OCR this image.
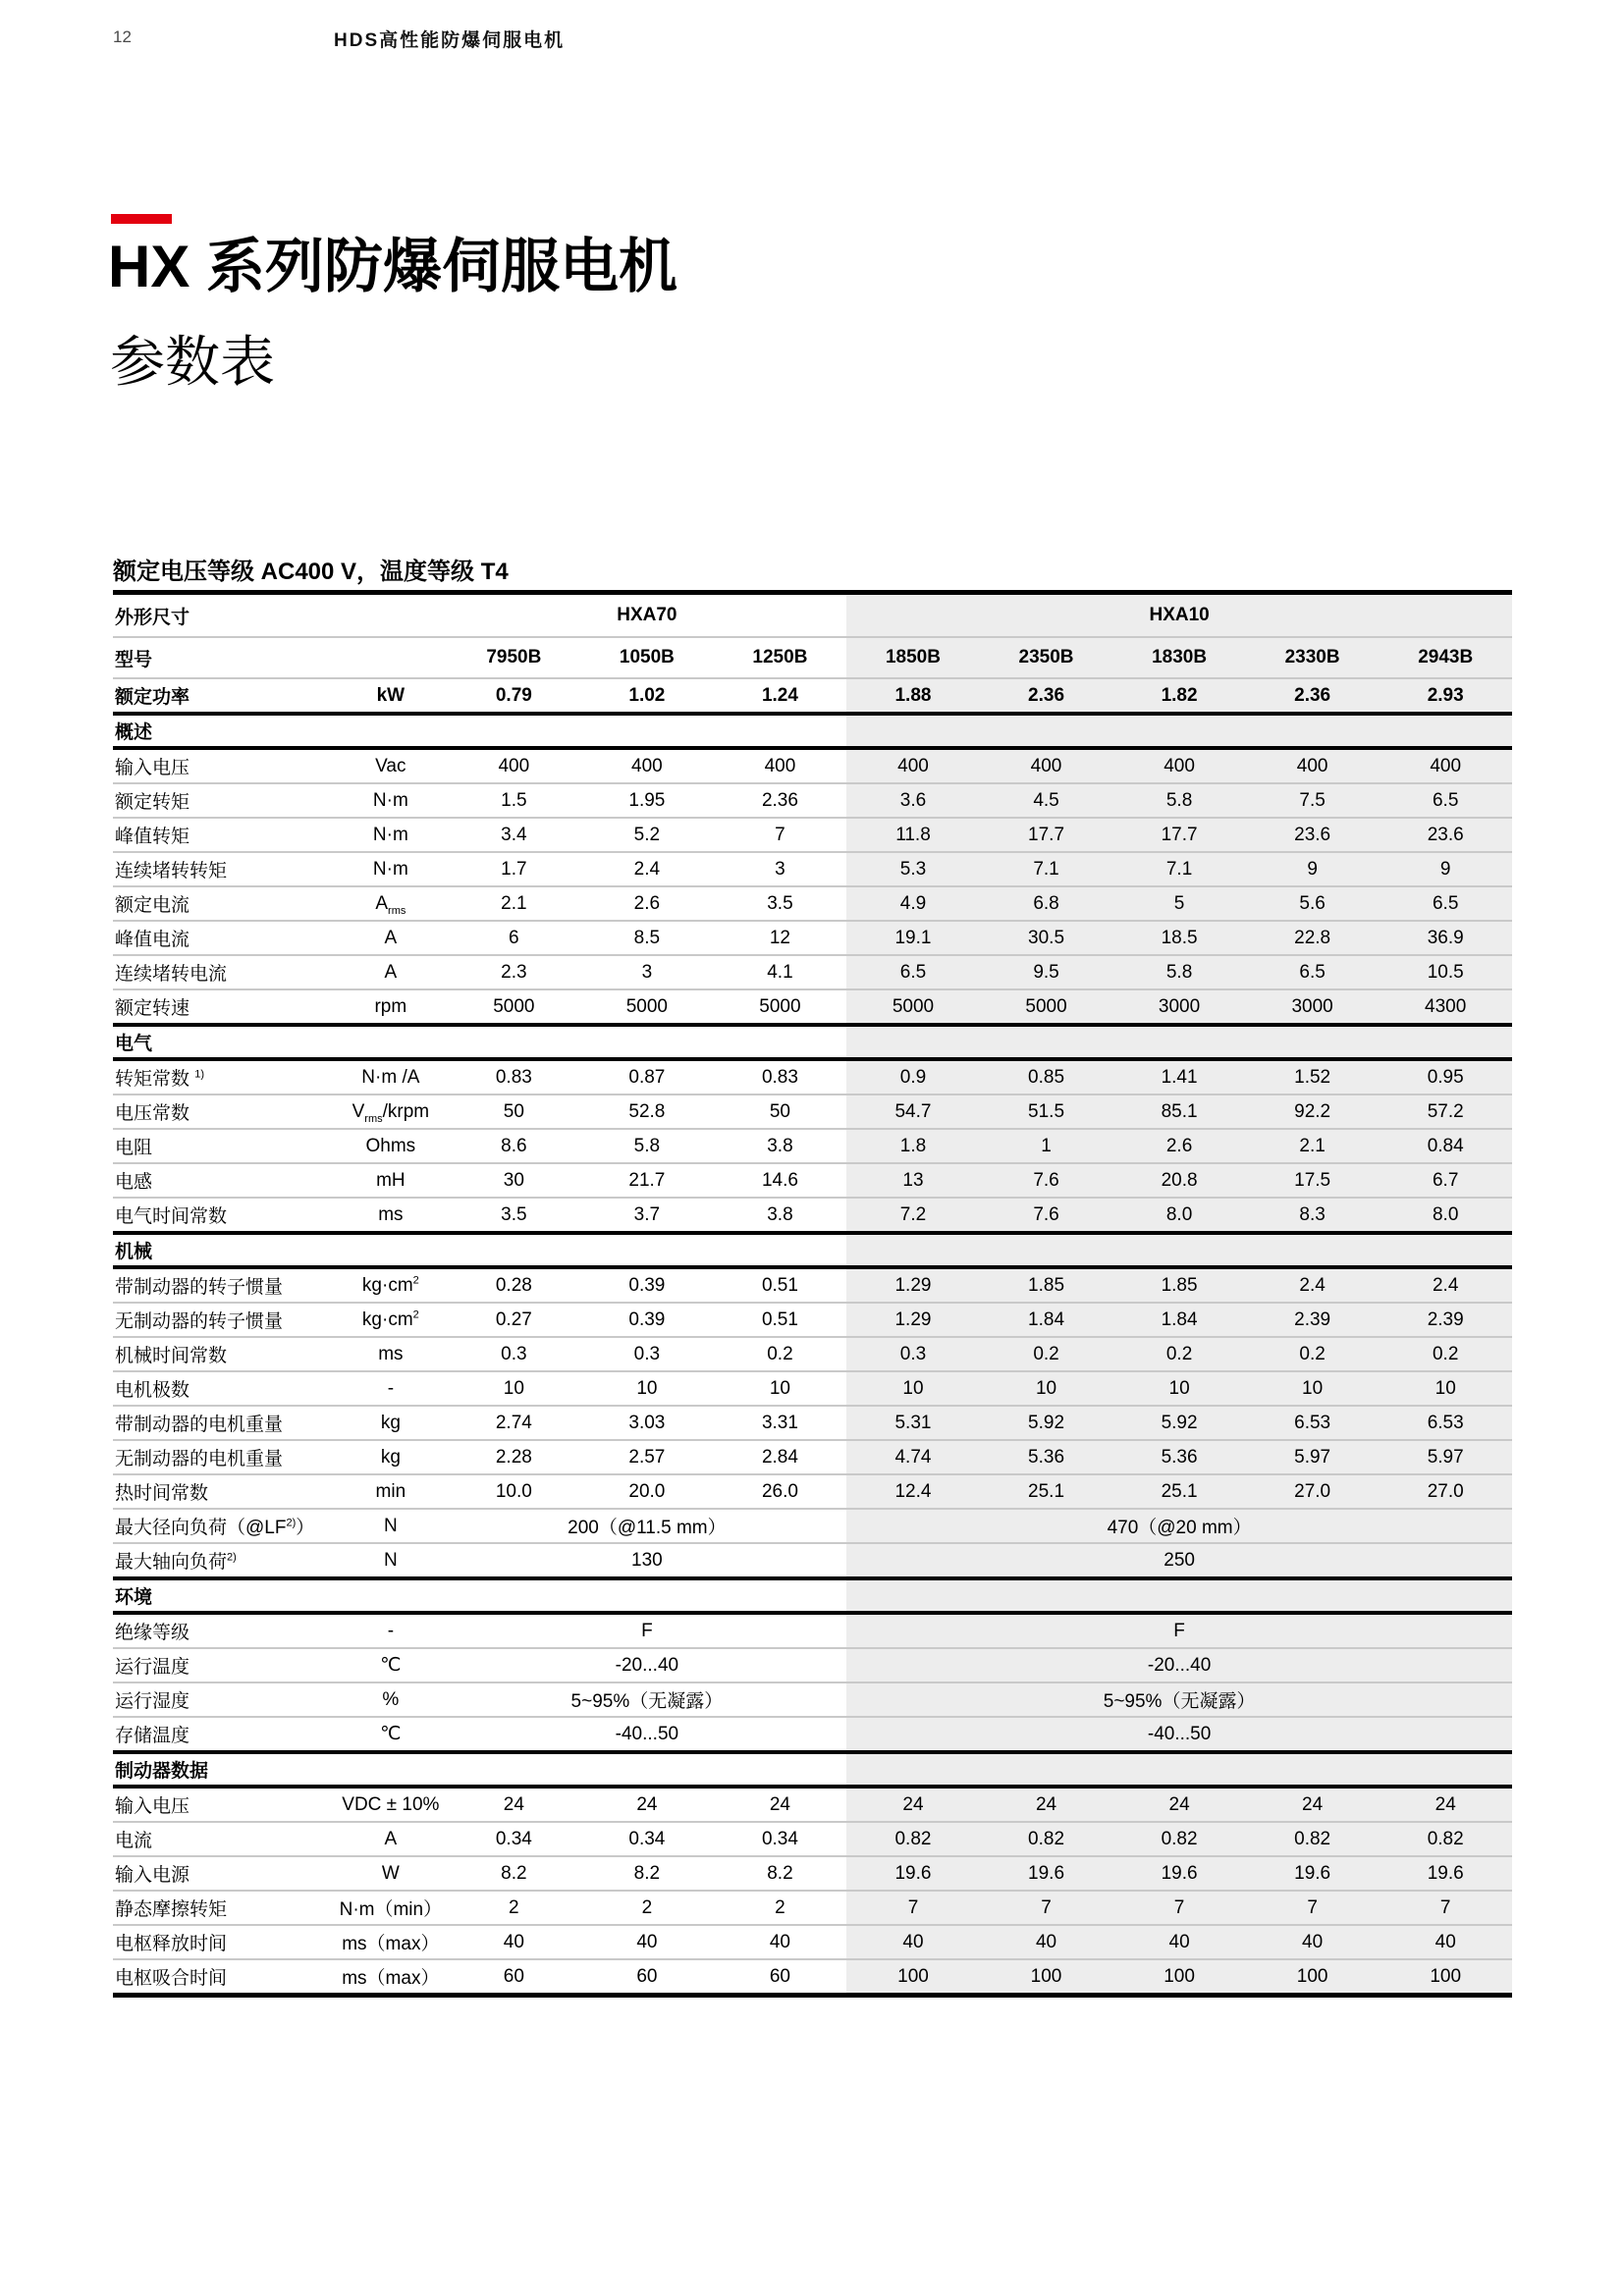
12	HDS高性能防爆伺服电机
HX 系列防爆伺服电机
参数表
额定电压等级 AC400 V，温度等级 T4
外形尺寸		HXA70			HXA10				
型号		7950B	1050B	1250B	1850B	2350B	1830B	2330B	2943B
额定功率	kW	0.79	1.02	1.24	1.88	2.36	1.82	2.36	2.93
概述									
输入电压	Vac	400	400	400	400	400	400	400	400
额定转矩	N·m	1.5	1.95	2.36	3.6	4.5	5.8	7.5	6.5
峰值转矩	N·m	3.4	5.2	7	11.8	17.7	17.7	23.6	23.6
连续堵转转矩	N·m	1.7	2.4	3	5.3	7.1	7.1	9	9
额定电流	$A_{rms}$	2.1	2.6	3.5	4.9	6.8	5	5.6	6.5
峰值电流	A	6	8.5	12	19.1	30.5	18.5	22.8	36.9
连续堵转电流	A	2.3	3	4.1	6.5	9.5	5.8	6.5	10.5
额定转速	rpm	5000	5000	5000	5000	5000	3000	3000	4300
电气									
转矩常数 $^{1)}$	N·m /A	0.83	0.87	0.83	0.9	0.85	1.41	1.52	0.95
电压常数	$V_{rms}$/krpm	50	52.8	50	54.7	51.5	85.1	92.2	57.2
电阻	Ohms	8.6	5.8	3.8	1.8	1	2.6	2.1	0.84
电感	mH	30	21.7	14.6	13	7.6	20.8	17.5	6.7
电气时间常数	ms	3.5	3.7	3.8	7.2	7.6	8.0	8.3	8.0
机械									
带制动器的转子惯量	$kg\cdot cm^2$	0.28	0.39	0.51	1.29	1.85	1.85	2.4	2.4
无制动器的转子惯量	$kg\cdot cm^2$	0.27	0.39	0.51	1.29	1.84	1.84	2.39	2.39
机械时间常数	ms	0.3	0.3	0.2	0.3	0.2	0.2	0.2	0.2
电机极数	-	10	10	10	10	10	10	10	10
带制动器的电机重量	kg	2.74	3.03	3.31	5.31	5.92	5.92	6.53	6.53
无制动器的电机重量	kg	2.28	2.57	2.84	4.74	5.36	5.36	5.97	5.97
热时间常数	min	10.0	20.0	26.0	12.4	25.1	25.1	27.0	27.0
最大径向负荷（@LF$^{2)}$）	N	200（@11.5 mm）			470（@20 mm）				
最大轴向负荷$^{2)}$	N	130			250				
环境									
绝缘等级	-	F			F				
运行温度	℃	-20...40			-20...40				
运行湿度	%	5~95%（无凝露）			5~95%（无凝露）				
存储温度	℃	-40...50			-40...50				
制动器数据									
输入电压	VDC ± 10%	24	24	24	24	24	24	24	24
电流	A	0.34	0.34	0.34	0.82	0.82	0.82	0.82	0.82
输入电源	W	8.2	8.2	8.2	19.6	19.6	19.6	19.6	19.6
静态摩擦转矩	N·m（min）	2	2	2	7	7	7	7	7
电枢释放时间	ms（max）	40	40	40	40	40	40	40	40
电枢吸合时间	ms（max）	60	60	60	100	100	100	100	100
